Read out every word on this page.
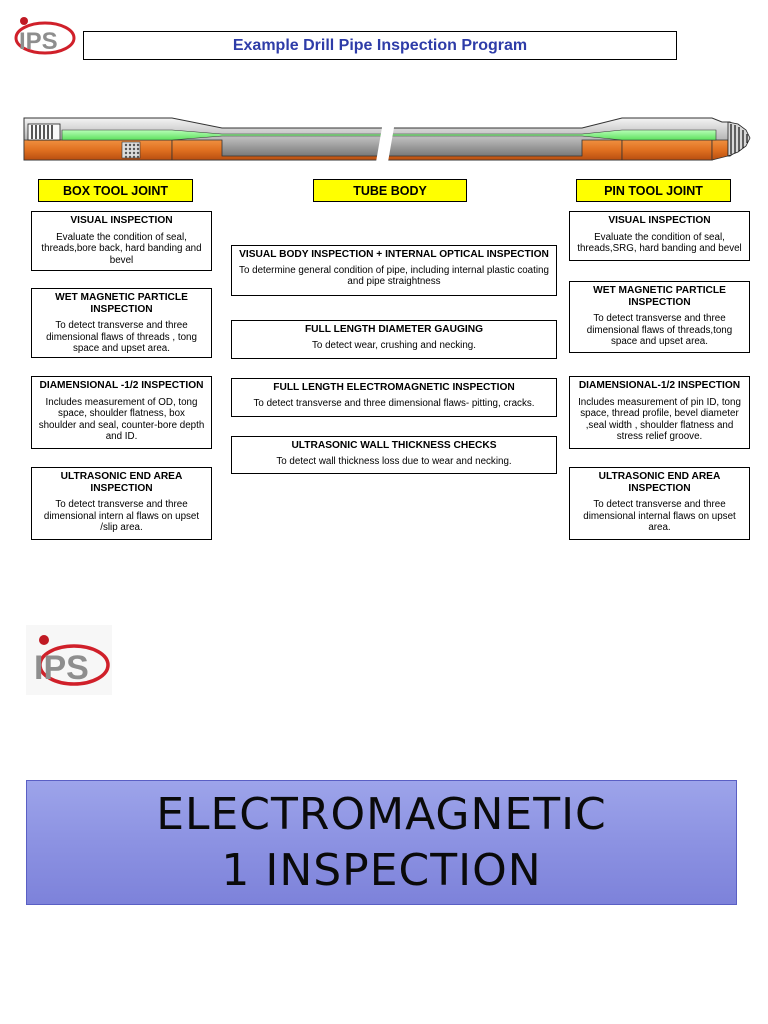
IPS	Example Drill Pipe Inspection Program
BOX TOOL JOINT	TUBE BODY	PIN TOOL JOINT
VISUAL INSPECTION
Evaluate the condition of seal, threads,bore back, hard banding and bevel
WET MAGNETIC PARTICLE INSPECTION
To detect transverse and three dimensional flaws of threads , tong space and upset area.
DIAMENSIONAL -1/2 INSPECTION
Includes measurement of OD, tong space, shoulder flatness, box shoulder and seal, counter-bore depth and ID.
ULTRASONIC END AREA INSPECTION
To detect transverse and three dimensional intern al flaws on upset /slip area.
VISUAL BODY INSPECTION + INTERNAL OPTICAL INSPECTION
To determine general condition of pipe, including internal plastic coating and pipe straightness
FULL LENGTH DIAMETER GAUGING
To detect wear, crushing and necking.
FULL LENGTH ELECTROMAGNETIC INSPECTION
To detect transverse and three dimensional flaws- pitting, cracks.
ULTRASONIC WALL THICKNESS CHECKS
To detect wall thickness loss due to wear and necking.
VISUAL INSPECTION
Evaluate the condition of seal, threads,SRG, hard banding and bevel
WET MAGNETIC PARTICLE INSPECTION
To detect transverse and three dimensional flaws of threads,tong space and upset area.
DIAMENSIONAL-1/2 INSPECTION
Includes measurement of pin ID, tong space, thread profile, bevel diameter ,seal width , shoulder flatness and stress relief groove.
ULTRASONIC END AREA INSPECTION
To detect transverse and three dimensional internal flaws on upset area.
IPS
ELECTROMAGNETIC
1 INSPECTION
